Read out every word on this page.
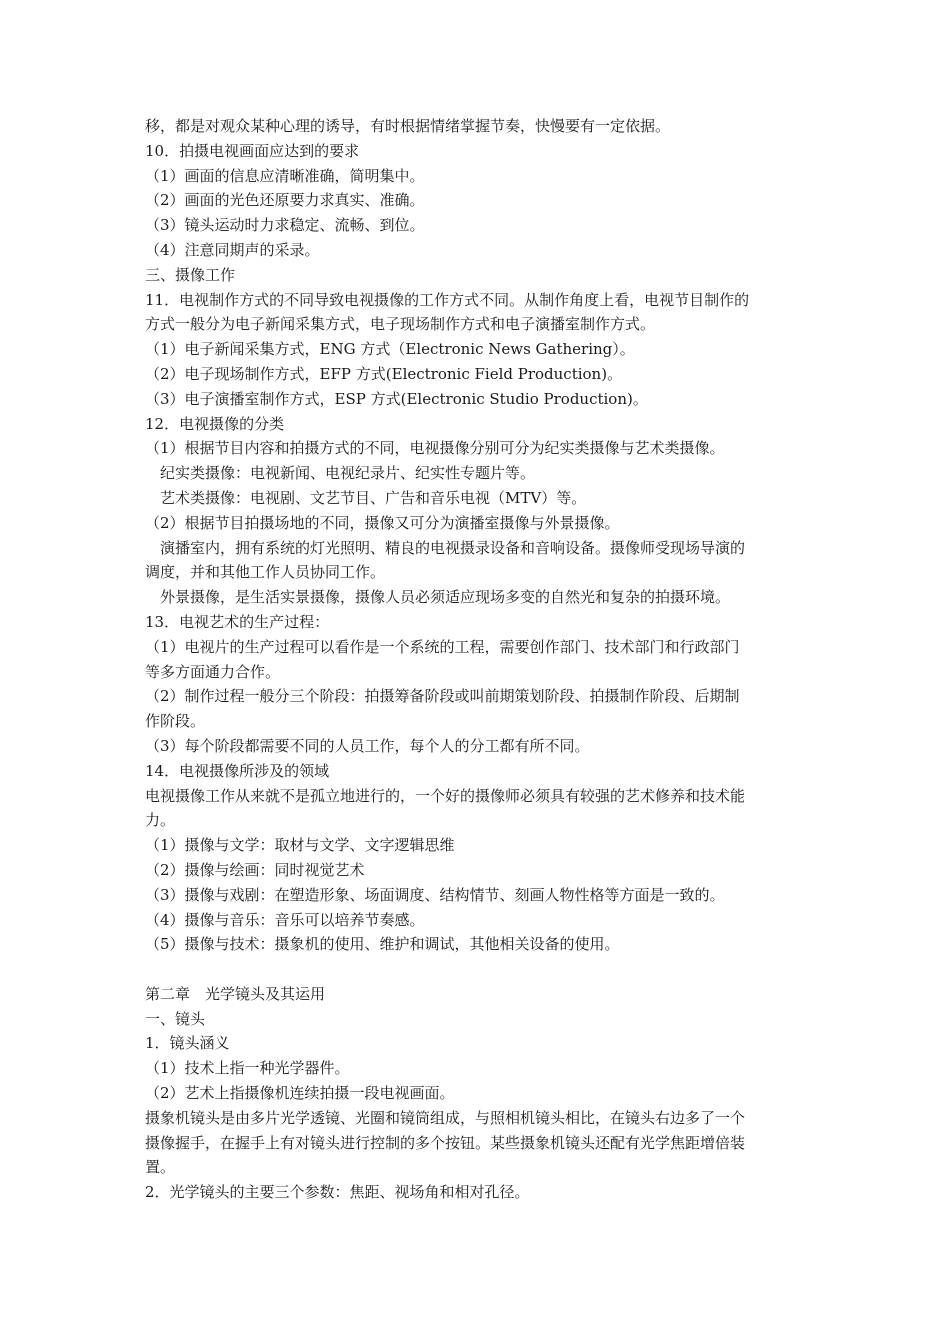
移，都是对观众某种心理的诱导，有时根据情绪掌握节奏，快慢要有一定依据。
10．拍摄电视画面应达到的要求
（1）画面的信息应清晰准确，简明集中。
（2）画面的光色还原要力求真实、准确。
（3）镜头运动时力求稳定、流畅、到位。
（4）注意同期声的采录。
三、摄像工作
11．电视制作方式的不同导致电视摄像的工作方式不同。从制作角度上看，电视节目制作的
方式一般分为电子新闻采集方式，电子现场制作方式和电子演播室制作方式。
（1）电子新闻采集方式，ENG 方式（Electronic News Gathering）。
（2）电子现场制作方式，EFP 方式(Electronic Field Production)。
（3）电子演播室制作方式，ESP 方式(Electronic Studio Production)。
12．电视摄像的分类
（1）根据节目内容和拍摄方式的不同，电视摄像分别可分为纪实类摄像与艺术类摄像。
　纪实类摄像：电视新闻、电视纪录片、纪实性专题片等。
　艺术类摄像：电视剧、文艺节目、广告和音乐电视（MTV）等。
（2）根据节目拍摄场地的不同，摄像又可分为演播室摄像与外景摄像。
　演播室内，拥有系统的灯光照明、精良的电视摄录设备和音响设备。摄像师受现场导演的
调度，并和其他工作人员协同工作。
　外景摄像，是生活实景摄像，摄像人员必须适应现场多变的自然光和复杂的拍摄环境。
13．电视艺术的生产过程：
（1）电视片的生产过程可以看作是一个系统的工程，需要创作部门、技术部门和行政部门
等多方面通力合作。
（2）制作过程一般分三个阶段：拍摄筹备阶段或叫前期策划阶段、拍摄制作阶段、后期制
作阶段。
（3）每个阶段都需要不同的人员工作，每个人的分工都有所不同。
14．电视摄像所涉及的领域
电视摄像工作从来就不是孤立地进行的，一个好的摄像师必须具有较强的艺术修养和技术能
力。
（1）摄像与文学：取材与文学、文字逻辑思维
（2）摄像与绘画：同时视觉艺术
（3）摄像与戏剧：在塑造形象、场面调度、结构情节、刻画人物性格等方面是一致的。
（4）摄像与音乐：音乐可以培养节奏感。
（5）摄像与技术：摄象机的使用、维护和调试，其他相关设备的使用。
第二章　光学镜头及其运用
一、镜头
1．镜头涵义
（1）技术上指一种光学器件。
（2）艺术上指摄像机连续拍摄一段电视画面。
摄象机镜头是由多片光学透镜、光圈和镜筒组成，与照相机镜头相比，在镜头右边多了一个
摄像握手，在握手上有对镜头进行控制的多个按钮。某些摄象机镜头还配有光学焦距增倍装
置。
2．光学镜头的主要三个参数：焦距、视场角和相对孔径。
